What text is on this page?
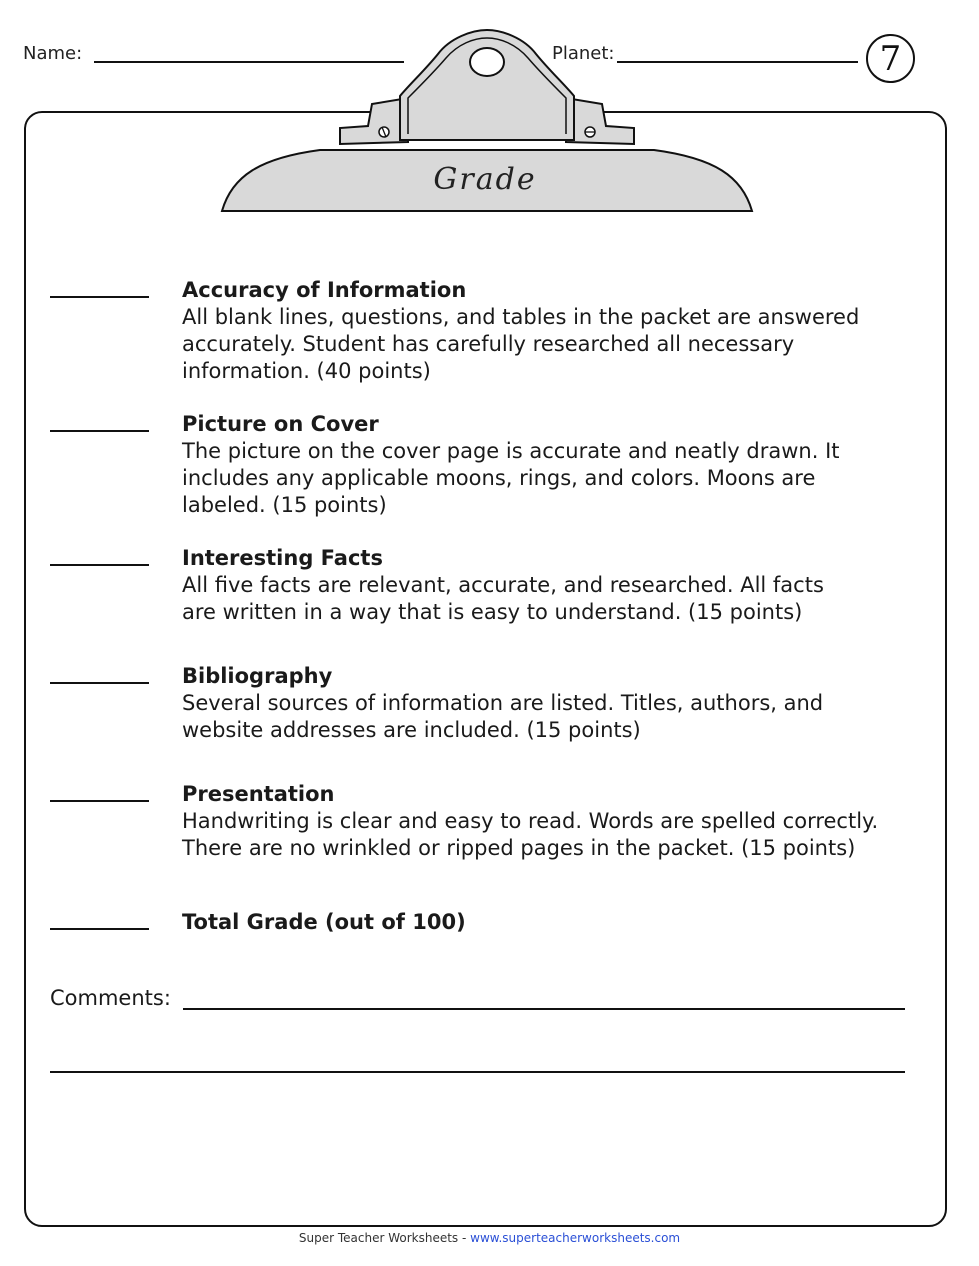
Name:	Planet:	7
Grade
Accuracy of Information
All blank lines, questions, and tables in the packet are answered
accurately. Student has carefully researched all necessary
information. (40 points)
Picture on Cover
The picture on the cover page is accurate and neatly drawn. It
includes any applicable moons, rings, and colors. Moons are
labeled. (15 points)
Interesting Facts
All five facts are relevant, accurate, and researched. All facts
are written in a way that is easy to understand. (15 points)
Bibliography
Several sources of information are listed. Titles, authors, and
website addresses are included. (15 points)
Presentation
Handwriting is clear and easy to read. Words are spelled correctly.
There are no wrinkled or ripped pages in the packet. (15 points)
Total Grade (out of 100)
Comments:
Super Teacher Worksheets - www.superteacherworksheets.com
